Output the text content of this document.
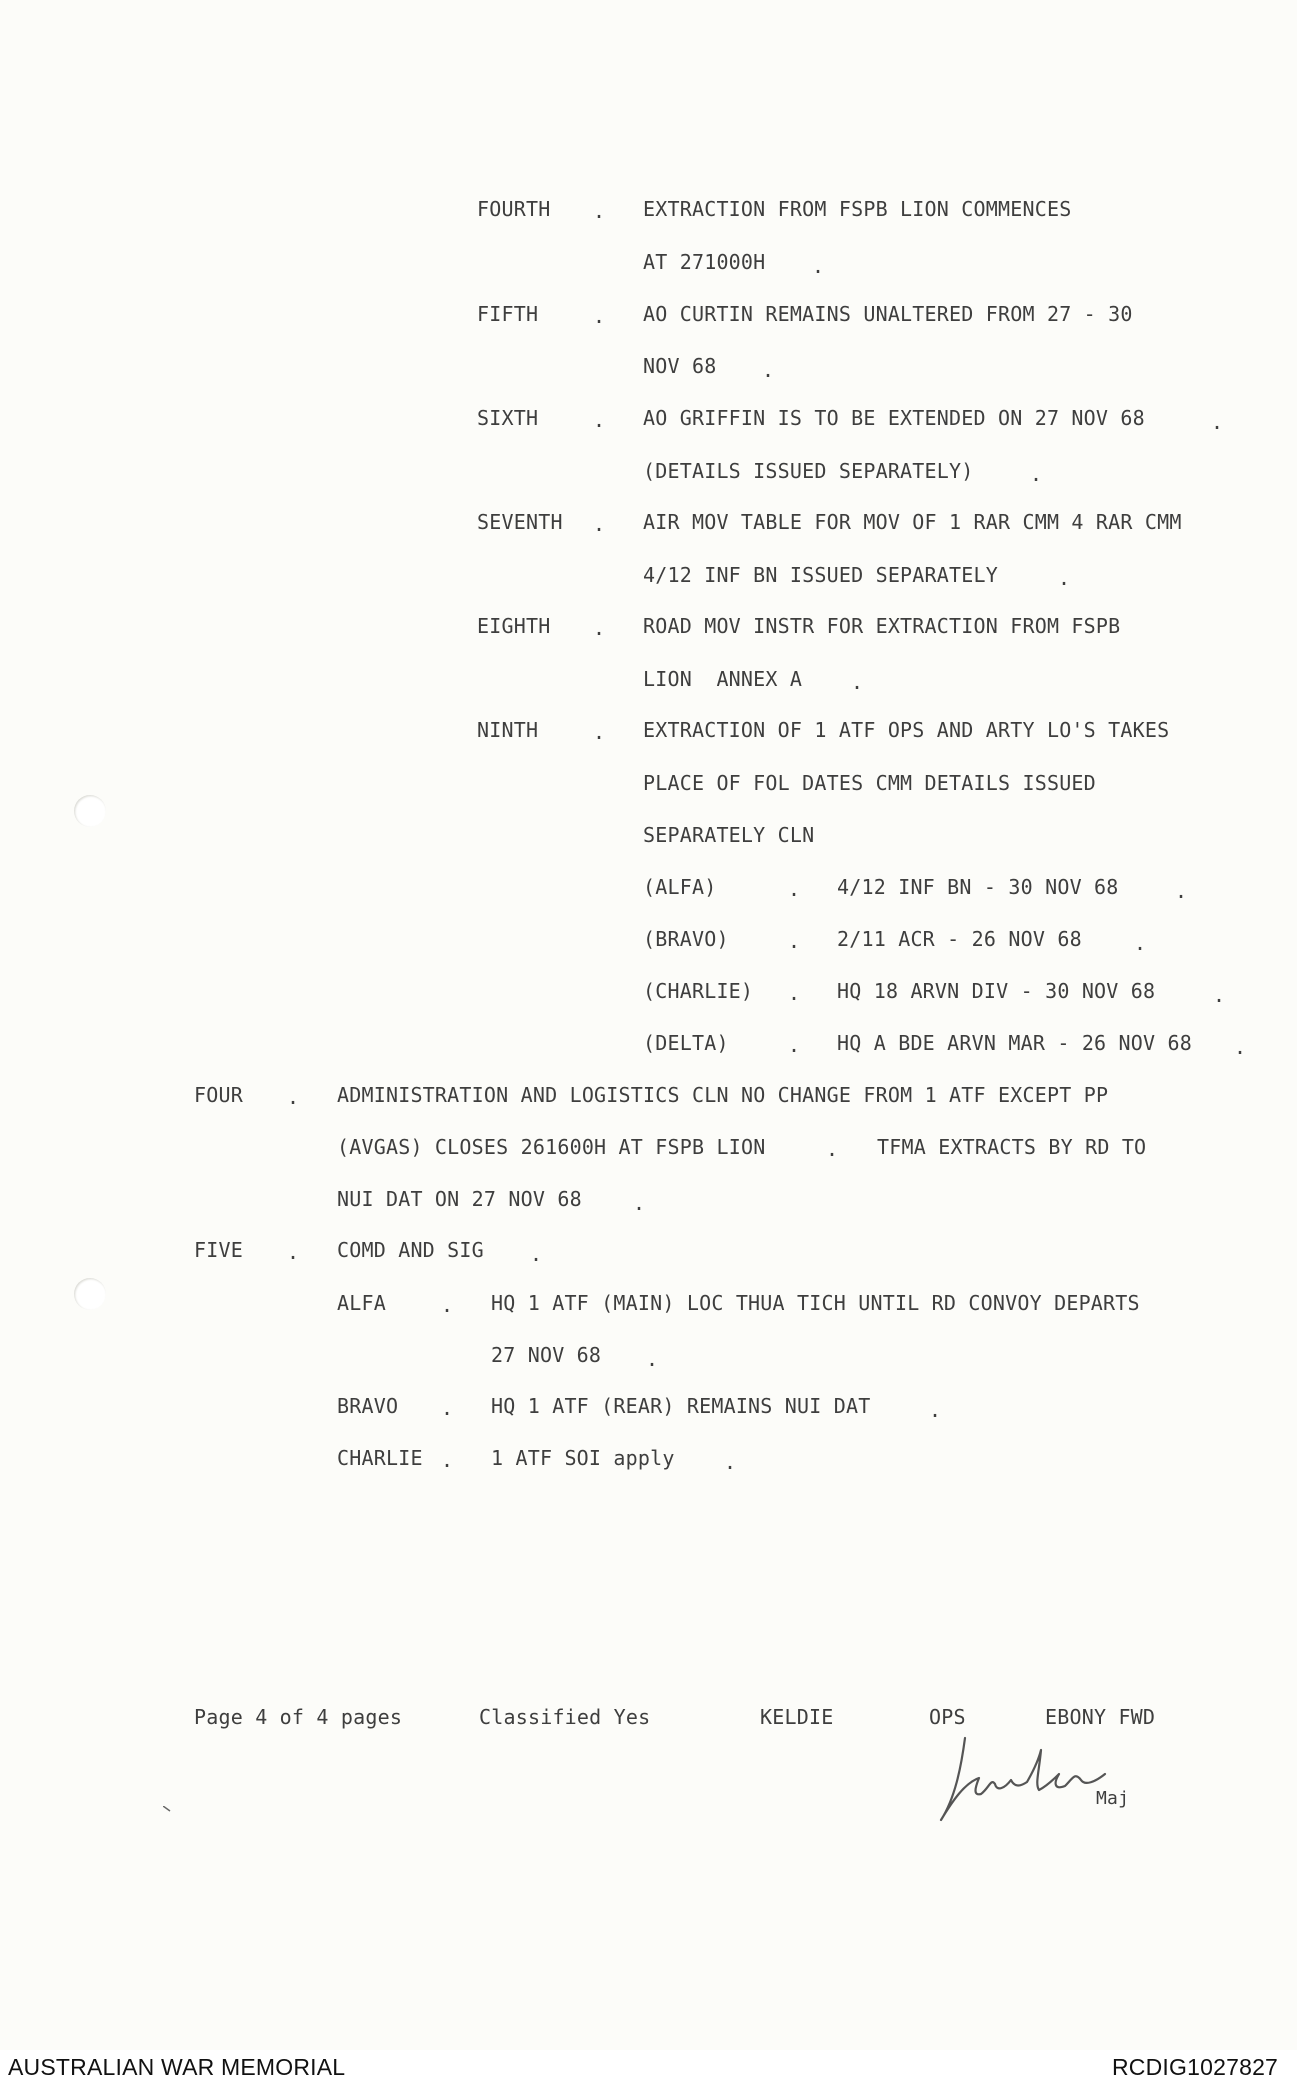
FOURTH . EXTRACTION FROM FSPB LION COMMENCES
AT 271000H .
FIFTH	. AO CURTIN REMAINS UNALTERED FROM 27 - 30
NOV 68 .
SIXTH	. AO GRIFFIN IS TO BE EXTENDED ON 27 NOV 68	.
(DETAILS ISSUED SEPARATELY)	.
SEVENTH . AIR MOV TABLE FOR MOV OF 1 RAR CMM 4 RAR CMM
4/12 INF BN ISSUED SEPARATELY	.
EIGHTH . ROAD MOV INSTR FOR EXTRACTION FROM FSPB
LION  ANNEX A .
NINTH	. EXTRACTION OF 1 ATF OPS AND ARTY LO'S TAKES
PLACE OF FOL DATES CMM DETAILS ISSUED
SEPARATELY CLN
(ALFA)	. 4/12 INF BN - 30 NOV 68	.
(BRAVO)	. 2/11 ACR - 26 NOV 68	.
(CHARLIE) . HQ 18 ARVN DIV - 30 NOV 68	.
(DELTA)	. HQ A BDE ARVN MAR - 26 NOV 68 .
FOUR . ADMINISTRATION AND LOGISTICS CLN NO CHANGE FROM 1 ATF EXCEPT PP
(AVGAS) CLOSES 261600H AT FSPB LION	. TFMA EXTRACTS BY RD TO
NUI DAT ON 27 NOV 68	.
FIVE . COMD AND SIG .
ALFA	. HQ 1 ATF (MAIN) LOC THUA TICH UNTIL RD CONVOY DEPARTS
27 NOV 68 .
BRAVO . HQ 1 ATF (REAR) REMAINS NUI DAT	.
CHARLIE . 1 ATF SOI apply .
Page 4 of 4 pages	Classified Yes	KELDIE	OPS	EBONY FWD
Maj
AUSTRALIAN WAR MEMORIAL	RCDIG1027827
